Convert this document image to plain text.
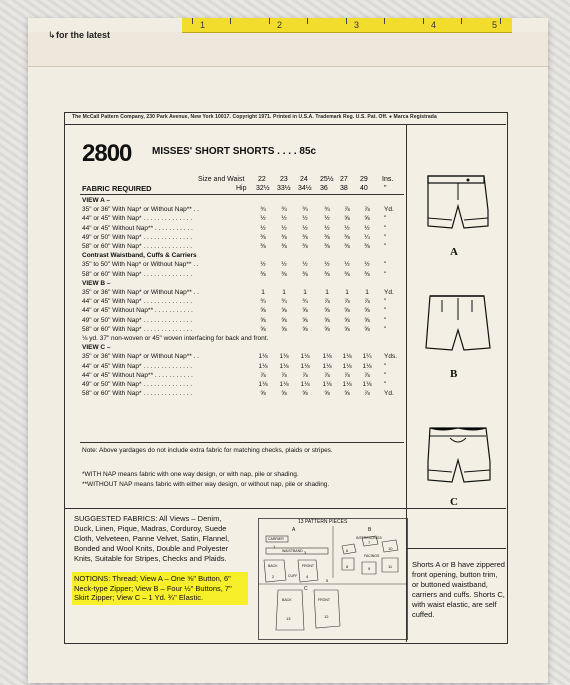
1	2	3	4	5
↳ for the latest
The McCall Pattern Company, 230 Park Avenue, New York 10017. Copyright 1971. Printed in U.S.A. Trademark Reg. U.S. Pat. Off. ● Marca Registrada
2800 MISSES' SHORT SHORTS . . . . 85c
FABRIC REQUIRED
Size and Waist
Hip
22 23 24 25½ 27 29 Ins.
32½ 33½ 34½ 36 38 40 "
VIEW A –
35" or 36" With Nap* or Without Nap** . .	¾	¾	¾	¾	⅞	⅞	Yd.
44" or 45" With Nap* . . . . . . . . . . . . . .	½	½	½	½	⅝	⅝	"
44" or 45" Without Nap** . . . . . . . . . . .	½	½	½	½	½	½	"
49" or 50" With Nap* . . . . . . . . . . . . . .	⅜	⅜	⅜	⅜	⅜	¼	"
58" or 60" With Nap* . . . . . . . . . . . . . .	⅜	⅜	⅜	⅜	⅜	⅜	"
Contrast Waistband, Cuffs & Carriers
35" to 50" With Nap* or Without Nap** . .	½	½	½	½	½	½	"
58" or 60" With Nap* . . . . . . . . . . . . . .	⅜	⅜	⅜	⅜	⅜	⅜	"
VIEW B –
35" or 36" With Nap* or Without Nap** . .	1	1	1	1	1	1	Yd.
44" or 45" With Nap* . . . . . . . . . . . . . .	¾	¾	¾	⅞	⅞	⅞	"
44" or 45" Without Nap** . . . . . . . . . . .	⅝	⅝	⅝	⅝	⅝	⅝	"
49" or 50" With Nap* . . . . . . . . . . . . . .	⅝	⅝	⅝	⅝	⅝	⅝	"
58" or 60" With Nap* . . . . . . . . . . . . . .	⅝	⅝	⅝	⅝	⅝	⅝	"
⅛ yd. 37" non-woven or 45" woven interfacing for back and front.
VIEW C –
35" or 36" With Nap* or Without Nap** . .	1⅛	1⅛	1⅛	1⅛	1⅛	1¼	Yds.
44" or 45" With Nap* . . . . . . . . . . . . . .	1⅛	1⅛	1⅛	1⅛	1⅛	1⅛	"
44" or 45" Without Nap** . . . . . . . . . . .	⅞	⅞	⅞	⅞	⅞	⅞	"
49" or 50" With Nap* . . . . . . . . . . . . . .	1⅛	1⅛	1⅛	1⅛	1⅛	1⅛	"
58" or 60" With Nap* . . . . . . . . . . . . . .	⅝	⅝	⅝	⅝	⅝	⅞	Yd.
Note: Above yardages do not include extra fabric for matching checks, plaids or stripes.
*WITH NAP means fabric with one way design, or with nap, pile or shading.
**WITHOUT NAP means fabric with either way design, or without nap, pile or shading.
A
B
C
SUGGESTED FABRICS: All Views – Denim, Duck, Linen, Pique, Madras, Corduroy, Suede Cloth, Velveteen, Panne Velvet, Satin, Flannel, Bonded and Wool Knits, Double and Polyester Knits, Suitable for Stripes, Checks and Plaids.
NOTIONS: Thread; View A – One ⅝" Button, 6" Neck-type Zipper; View B – Four ½" Buttons, 7" Skirt Zipper; View C – 1 Yd. ¾" Elastic.
13 PATTERN PIECES
A	B
C
CARRIER
WAISTBAND
BACK	FRONT
CUFF
INTERFACINGS
FACINGS
BACK	FRONT
1
2
3
4
5
6
7
8	9
10
11
12
13
Shorts A or B have zippered front opening, button trim, or buttoned waistband, carriers and cuffs. Shorts C, with waist elastic, are self cuffed.
